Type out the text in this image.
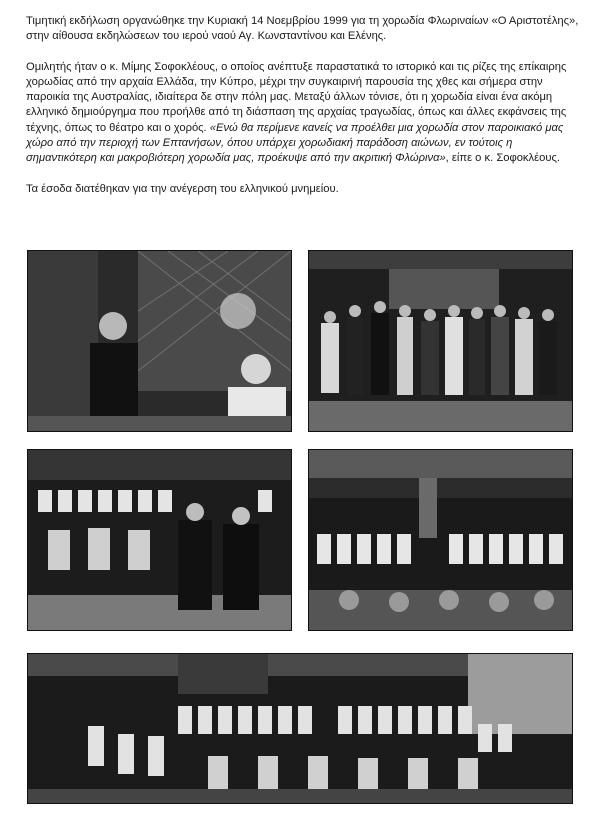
Τιμητική εκδήλωση οργανώθηκε την Κυριακή 14 Νοεμβρίου 1999 για τη χορωδία Φλωριναίων «Ο Αριστοτέλης», στην αίθουσα εκδηλώσεων του ιερού ναού Αγ. Κωνσταντίνου και Ελένης.

Ομιλητής ήταν ο κ. Μίμης Σοφοκλέους, ο οποίος ανέπτυξε παραστατικά το ιστορικό και τις ρίζες της επίκαιρης χορωδίας από την αρχαία Ελλάδα, την Κύπρο, μέχρι την συγκαιρινή παρουσία της χθες και σήμερα στην παροικία της Αυστραλίας, ιδιαίτερα δε στην πόλη μας. Μεταξύ άλλων τόνισε, ότι η χορωδία είναι ένα ακόμη ελληνικό δημιούργημα που προήλθε από τη διάσπαση της αρχαίας τραγωδίας, όπως και άλλες εκφάνσεις της τέχνης, όπως το θέατρο και ο χορός. «Ενώ θα περίμενε κανείς να προέλθει μια χορωδία στον παροικιακό μας χώρο από την περιοχή των Επτανήσων, όπου υπάρχει χορωδιακή παράδοση αιώνων, εν τούτοις η σημαντικότερη και μακροβιότερη χορωδία μας, προέκυψε από την ακριτική Φλώρινα», είπε ο κ. Σοφοκλέους.

Τα έσοδα διατέθηκαν για την ανέγερση του ελληνικού μνημείου.
